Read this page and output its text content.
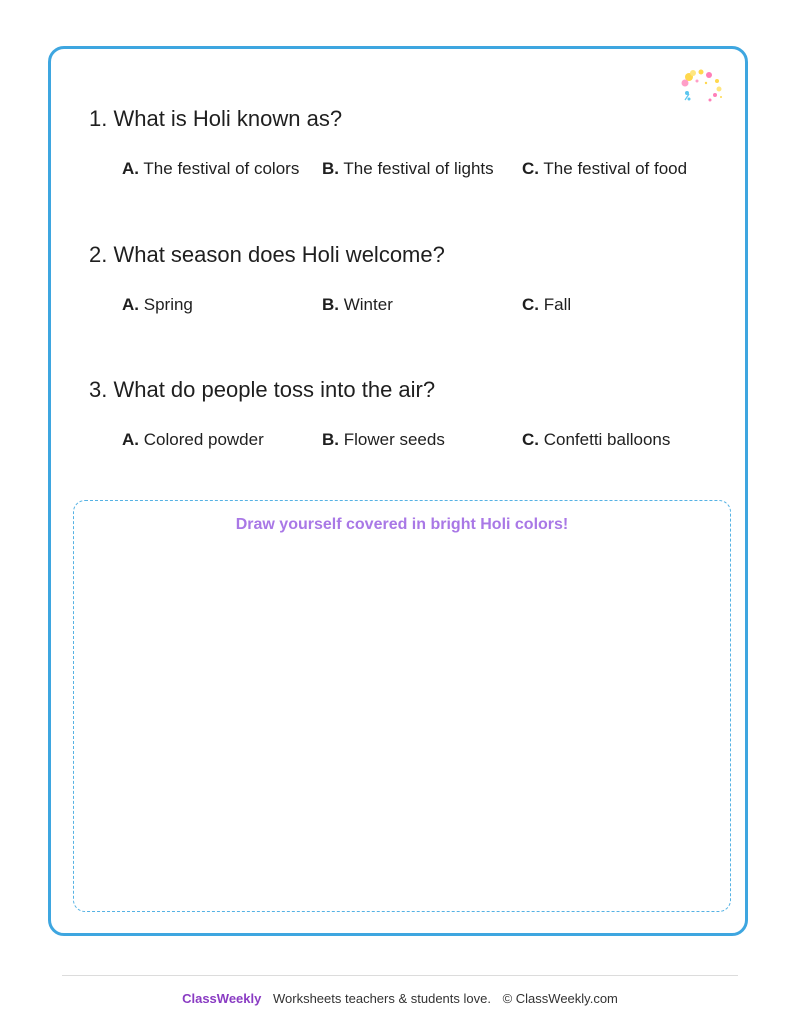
1. What is Holi known as?

A. The festival of colors B. The festival of lights C. The festival of food

2. What season does Holi welcome?

A. Spring	B. Winter	C. Fall

3. What do people toss into the air?

A. Colored powder	B. Flower seeds	C. Confetti balloons
Draw yourself covered in bright Holi colors!
ClassWeekly Worksheets teachers & students love. © ClassWeekly.com
